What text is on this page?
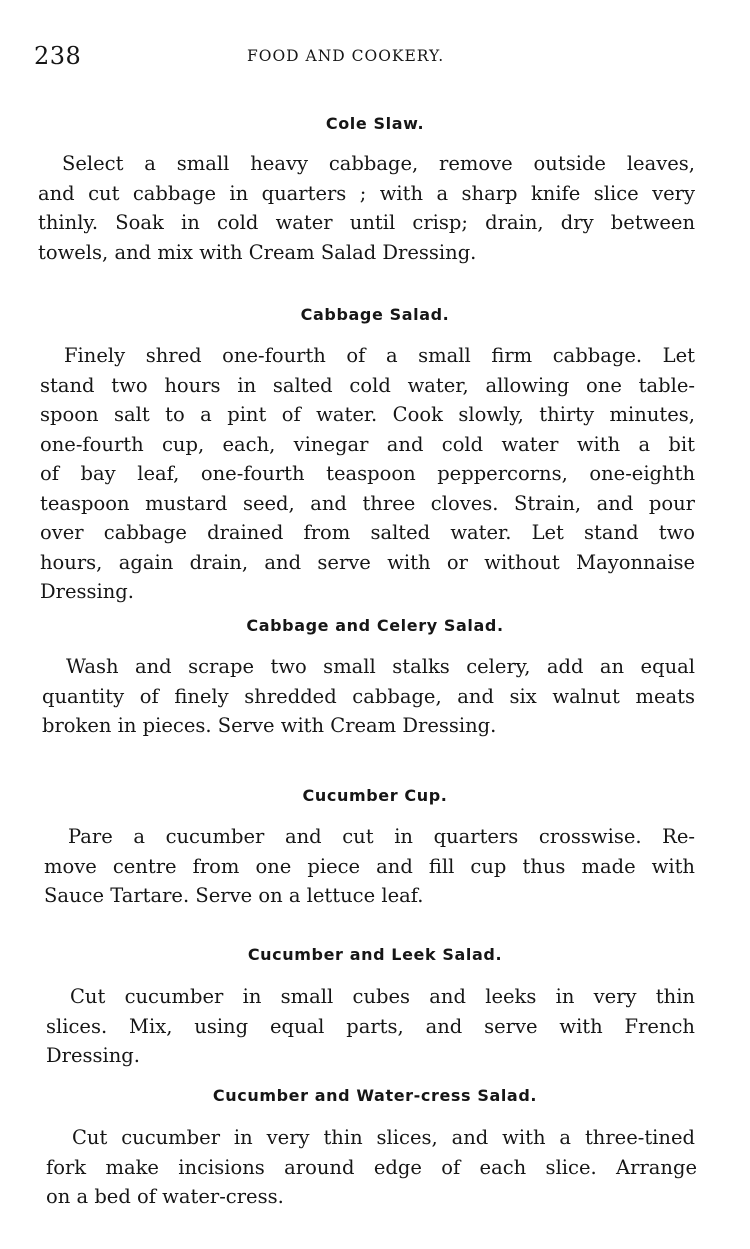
238	FOOD AND COOKERY.
Cole Slaw.
Select a small heavy cabbage, remove outside leaves,
and cut cabbage in quarters ; with a sharp knife slice very
thinly. Soak in cold water until crisp; drain, dry between
towels, and mix with Cream Salad Dressing.
Cabbage Salad.
Finely shred one-fourth of a small firm cabbage. Let
stand two hours in salted cold water, allowing one table-
spoon salt to a pint of water. Cook slowly, thirty minutes,
one-fourth cup, each, vinegar and cold water with a bit
of bay leaf, one-fourth teaspoon peppercorns, one-eighth
teaspoon mustard seed, and three cloves. Strain, and pour
over cabbage drained from salted water. Let stand two
hours, again drain, and serve with or without Mayonnaise
Dressing.
Cabbage and Celery Salad.
Wash and scrape two small stalks celery, add an equal
quantity of finely shredded cabbage, and six walnut meats
broken in pieces. Serve with Cream Dressing.
Cucumber Cup.
Pare a cucumber and cut in quarters crosswise. Re-
move centre from one piece and fill cup thus made with
Sauce Tartare. Serve on a lettuce leaf.
Cucumber and Leek Salad.
Cut cucumber in small cubes and leeks in very thin
slices. Mix, using equal parts, and serve with French
Dressing.
Cucumber and Water-cress Salad.
Cut cucumber in very thin slices, and with a three-tined
fork make incisions around edge of each slice. Arrange
on a bed of water-cress.
